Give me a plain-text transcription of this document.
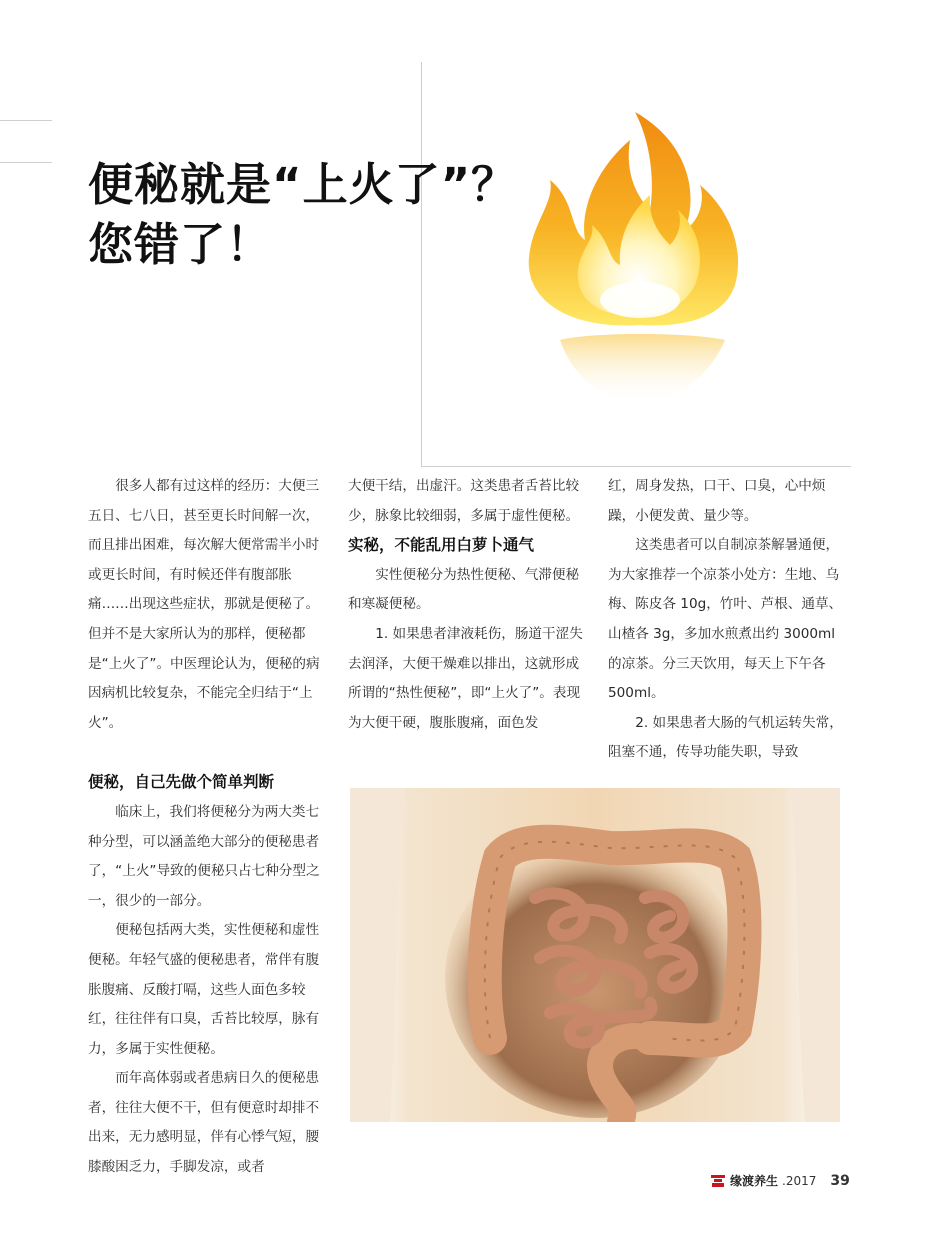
便秘就是“上火了”？
您错了！

很多人都有过这样的经历：大便三五日、七八日，甚至更长时间解一次，而且排出困难，每次解大便常需半小时或更长时间，有时候还伴有腹部胀痛……出现这些症状，那就是便秘了。但并不是大家所认为的那样，便秘都是“上火了”。中医理论认为，便秘的病因病机比较复杂，不能完全归结于“上火”。

便秘，自己先做个简单判断

临床上，我们将便秘分为两大类七种分型，可以涵盖绝大部分的便秘患者了，“上火”导致的便秘只占七种分型之一，很少的一部分。

便秘包括两大类，实性便秘和虚性便秘。年轻气盛的便秘患者，常伴有腹胀腹痛、反酸打嗝，这些人面色多较红，往往伴有口臭，舌苔比较厚，脉有力，多属于实性便秘。

而年高体弱或者患病日久的便秘患者，往往大便不干，但有便意时却排不出来，无力感明显，伴有心悸气短，腰膝酸困乏力，手脚发凉，或者

大便干结，出虚汗。这类患者舌苔比较少，脉象比较细弱，多属于虚性便秘。

实秘，不能乱用白萝卜通气

实性便秘分为热性便秘、气滞便秘和寒凝便秘。

1. 如果患者津液耗伤，肠道干涩失去润泽，大便干燥难以排出，这就形成所谓的“热性便秘”，即“上火了”。表现为大便干硬，腹胀腹痛，面色发

红，周身发热，口干、口臭，心中烦躁，小便发黄、量少等。

这类患者可以自制凉茶解暑通便，为大家推荐一个凉茶小处方：生地、乌梅、陈皮各 10g，竹叶、芦根、通草、山楂各 3g，多加水煎煮出约 3000ml 的凉茶。分三天饮用，每天上下午各 500ml。

2. 如果患者大肠的气机运转失常，阻塞不通，传导功能失职，导致

缘渡养生 .2017 39
